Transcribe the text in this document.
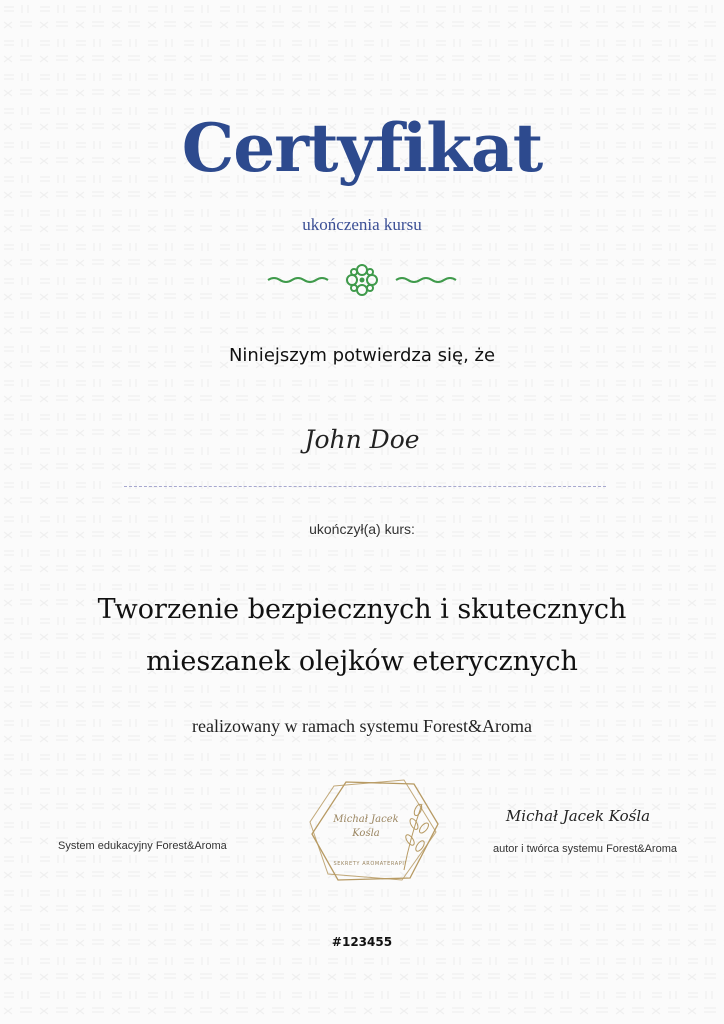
Certyfikat
ukończenia kursu
Niniejszym potwierdza się, że
John Doe
ukończył(a) kurs:
Tworzenie bezpiecznych i skutecznych
mieszanek olejków eterycznych
realizowany w ramach systemu Forest&Aroma
System edukacyjny Forest&Aroma
Michał Jacek
Kośla
SEKRETY AROMATERAPII
Michał Jacek Kośla
autor i twórca systemu Forest&Aroma
#123455
